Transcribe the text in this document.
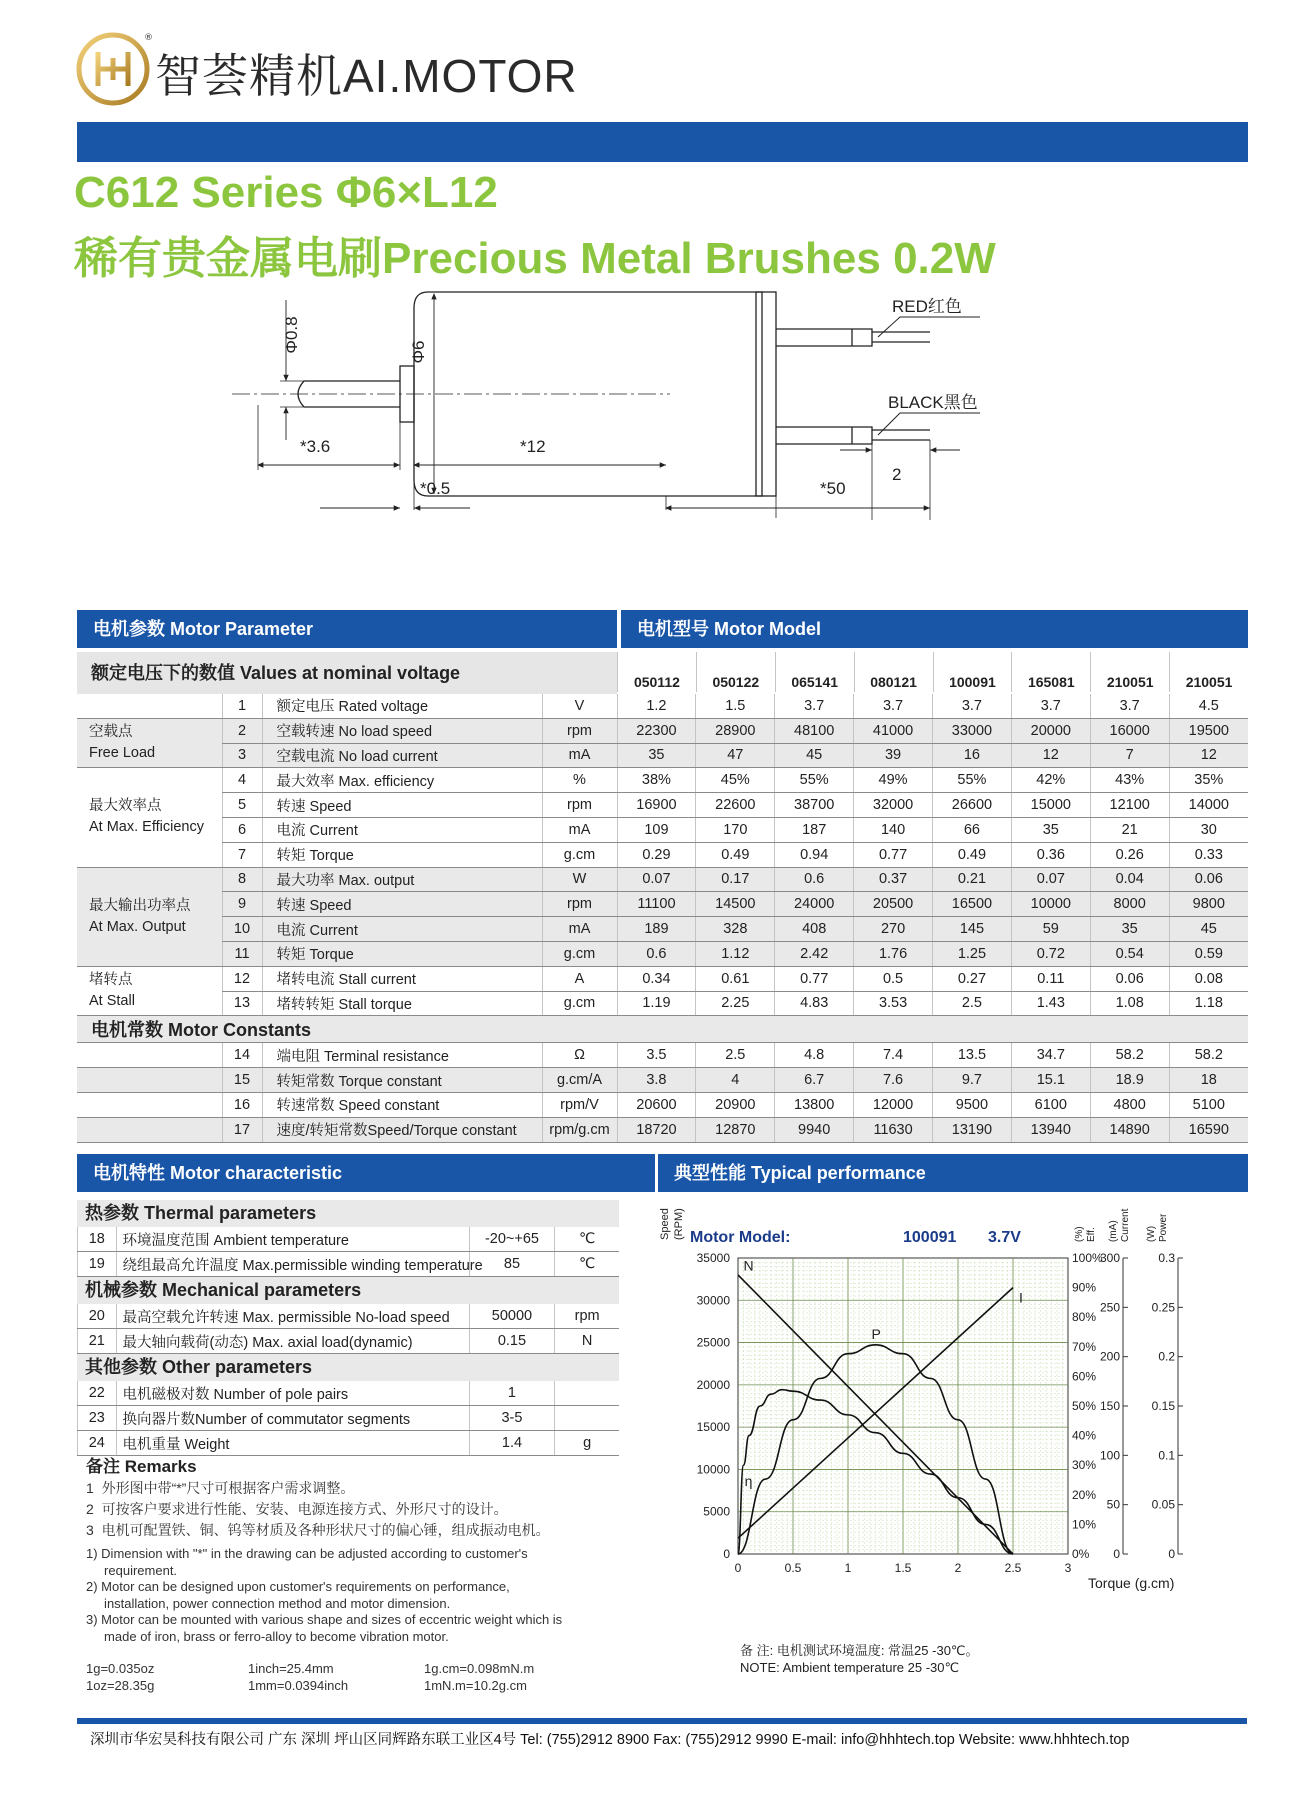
®
智荟精机AI.MOTOR
C612 Series Φ6×L12
稀有贵金属电刷Precious Metal Brushes 0.2W
Φ0.8	Φ6
*3.6	*12
*0.5	*50
2
RED红色
BLACK黑色
电机参数 Motor Parameter	电机型号 Motor Model
额定电压下的数值 Values at nominal voltage	050112	050122	065141	080121	100091	165081	210051	210051
	1	额定电压 Rated voltage	V	1.2	1.5	3.7	3.7	3.7	3.7	3.7	4.5

空载点
Free Load	2	空载转速 No load speed	rpm	22300	28900	48100	41000	33000	20000	16000	19500
	3	空载电流 No load current	mA	35	47	45	39	16	12	7	12

最大效率点
At Max. Efficiency	4	最大效率 Max. efficiency	%	38%	45%	55%	49%	55%	42%	43%	35%
	5	转速 Speed	rpm	16900	22600	38700	32000	26600	15000	12100	14000
	6	电流 Current	mA	109	170	187	140	66	35	21	30
	7	转矩 Torque	g.cm	0.29	0.49	0.94	0.77	0.49	0.36	0.26	0.33

最大输出功率点
At Max. Output	8	最大功率 Max. output	W	0.07	0.17	0.6	0.37	0.21	0.07	0.04	0.06
	9	转速 Speed	rpm	11100	14500	24000	20500	16500	10000	8000	9800
	10	电流 Current	mA	189	328	408	270	145	59	35	45
	11	转矩 Torque	g.cm	0.6	1.12	2.42	1.76	1.25	0.72	0.54	0.59

堵转点
At Stall	12	堵转电流 Stall current	A	0.34	0.61	0.77	0.5	0.27	0.11	0.06	0.08
	13	堵转转矩 Stall torque	g.cm	1.19	2.25	4.83	3.53	2.5	1.43	1.08	1.18
电机常数 Motor Constants											
	14	端电阻 Terminal resistance	Ω	3.5	2.5	4.8	7.4	13.5	34.7	58.2	58.2
	15	转矩常数 Torque constant	g.cm/A	3.8	4	6.7	7.6	9.7	15.1	18.9	18
	16	转速常数 Speed constant	rpm/V	20600	20900	13800	12000	9500	6100	4800	5100
	17	速度/转矩常数Speed/Torque constant	rpm/g.cm	18720	12870	9940	11630	13190	13940	14890	16590
电机特性 Motor characteristic
热参数 Thermal parameters
18	环境温度范围 Ambient temperature	-20~+65	℃
19	绕组最高允许温度 Max.permissible winding temperature	85	℃
机械参数 Mechanical parameters
20	最高空载允许转速 Max. permissible No-load speed	50000	rpm
21	最大轴向载荷(动态) Max. axial load(dynamic)	0.15	N
其他参数 Other parameters
22	电机磁极对数 Number of pole pairs	1	
23	换向器片数Number of commutator segments	3-5	
24	电机重量 Weight	1.4	g
备注 Remarks
1  外形图中带“*”尺寸可根据客户需求调整。
2  可按客户要求进行性能、安装、电源连接方式、外形尺寸的设计。
3  电机可配置铁、铜、钨等材质及各种形状尺寸的偏心锤，组成振动电机。
1) Dimension with "*" in the drawing can be adjusted according to customer's
requirement.
2) Motor can be designed upon customer's requirements on performance,
installation, power connection method and motor dimension.
3) Motor can be mounted with various shape and sizes of eccentric weight which is
made of iron, brass or ferro-alloy to become vibration motor.
1g=0.035oz	1inch=25.4mm	1g.cm=0.098mN.m
1oz=28.35g	1mm=0.0394inch	1mN.m=10.2g.cm
典型性能 Typical performance
Speed (RPM) Motor Model:	100091 3.7V	(%) Eff. (mA) Current (W) Power
0	0.5	1	1.5	2	2.5	3
Torque (g.cm)
0
5000
10000
15000
20000
25000
30000
35000
0%
10%
20%
30%
40%
50%
60%
70%
80%
90%
100%
0
50
100
150
200
250
300
0
0.05
0.1
0.15
0.2
0.25
0.3
N
I
P
η
备 注: 电机测试环境温度: 常温25 -30℃。
NOTE: Ambient temperature 25 -30℃
深圳市华宏昊科技有限公司 广东 深圳 坪山区同辉路东联工业区4号 Tel: (755)2912 8900 Fax: (755)2912 9990 E-mail: info@hhhtech.top Website: www.hhhtech.top
